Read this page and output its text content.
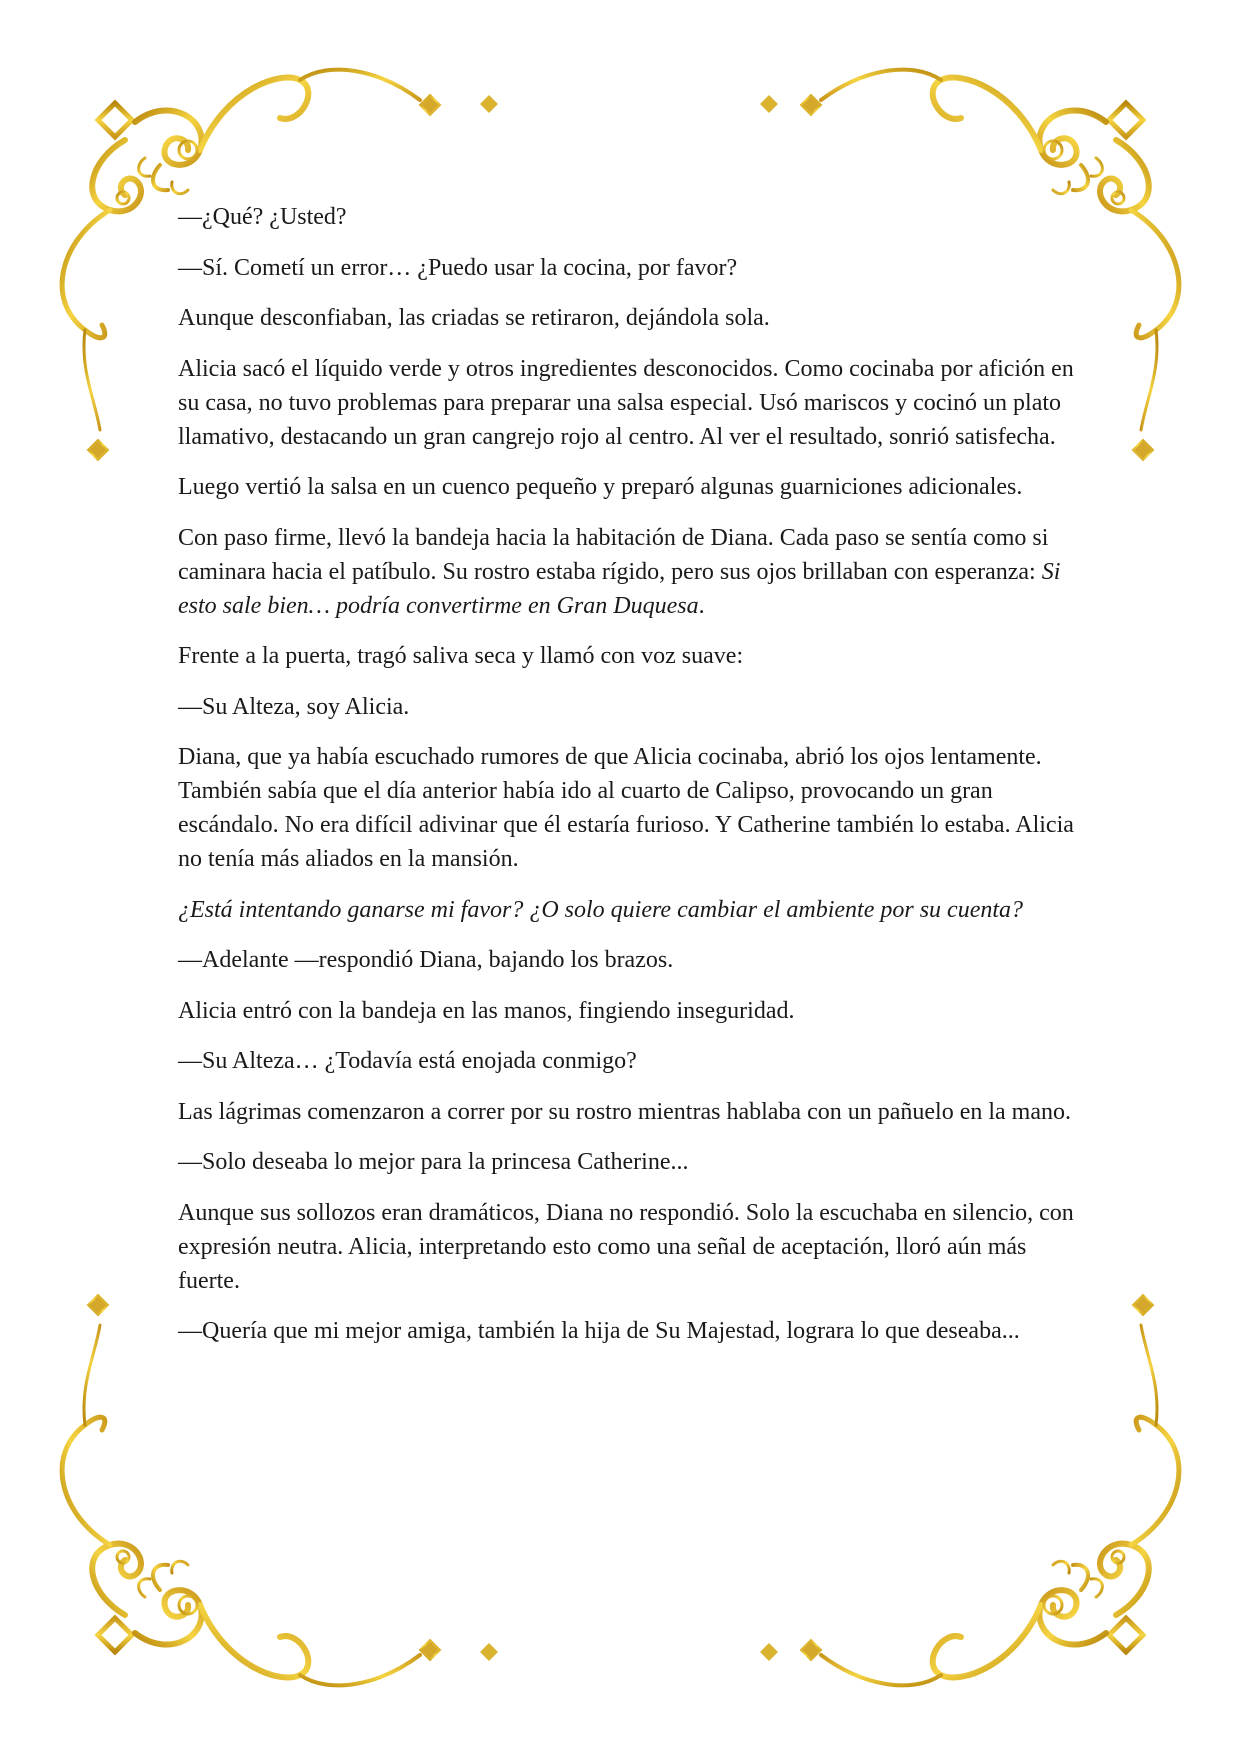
—¿Qué? ¿Usted?

—Sí. Cometí un error… ¿Puedo usar la cocina, por favor?

Aunque desconfiaban, las criadas se retiraron, dejándola sola.

Alicia sacó el líquido verde y otros ingredientes desconocidos. Como cocinaba por afición en su casa, no tuvo problemas para preparar una salsa especial. Usó mariscos y cocinó un plato llamativo, destacando un gran cangrejo rojo al centro. Al ver el resultado, sonrió satisfecha.

Luego vertió la salsa en un cuenco pequeño y preparó algunas guarniciones adicionales.

Con paso firme, llevó la bandeja hacia la habitación de Diana. Cada paso se sentía como si caminara hacia el patíbulo. Su rostro estaba rígido, pero sus ojos brillaban con esperanza: Si esto sale bien… podría convertirme en Gran Duquesa.

Frente a la puerta, tragó saliva seca y llamó con voz suave:

—Su Alteza, soy Alicia.

Diana, que ya había escuchado rumores de que Alicia cocinaba, abrió los ojos lentamente. También sabía que el día anterior había ido al cuarto de Calipso, provocando un gran escándalo. No era difícil adivinar que él estaría furioso. Y Catherine también lo estaba. Alicia no tenía más aliados en la mansión.

¿Está intentando ganarse mi favor? ¿O solo quiere cambiar el ambiente por su cuenta?

—Adelante —respondió Diana, bajando los brazos.

Alicia entró con la bandeja en las manos, fingiendo inseguridad.

—Su Alteza… ¿Todavía está enojada conmigo?

Las lágrimas comenzaron a correr por su rostro mientras hablaba con un pañuelo en la mano.

—Solo deseaba lo mejor para la princesa Catherine...

Aunque sus sollozos eran dramáticos, Diana no respondió. Solo la escuchaba en silencio, con expresión neutra. Alicia, interpretando esto como una señal de aceptación, lloró aún más fuerte.

—Quería que mi mejor amiga, también la hija de Su Majestad, lograra lo que deseaba...
